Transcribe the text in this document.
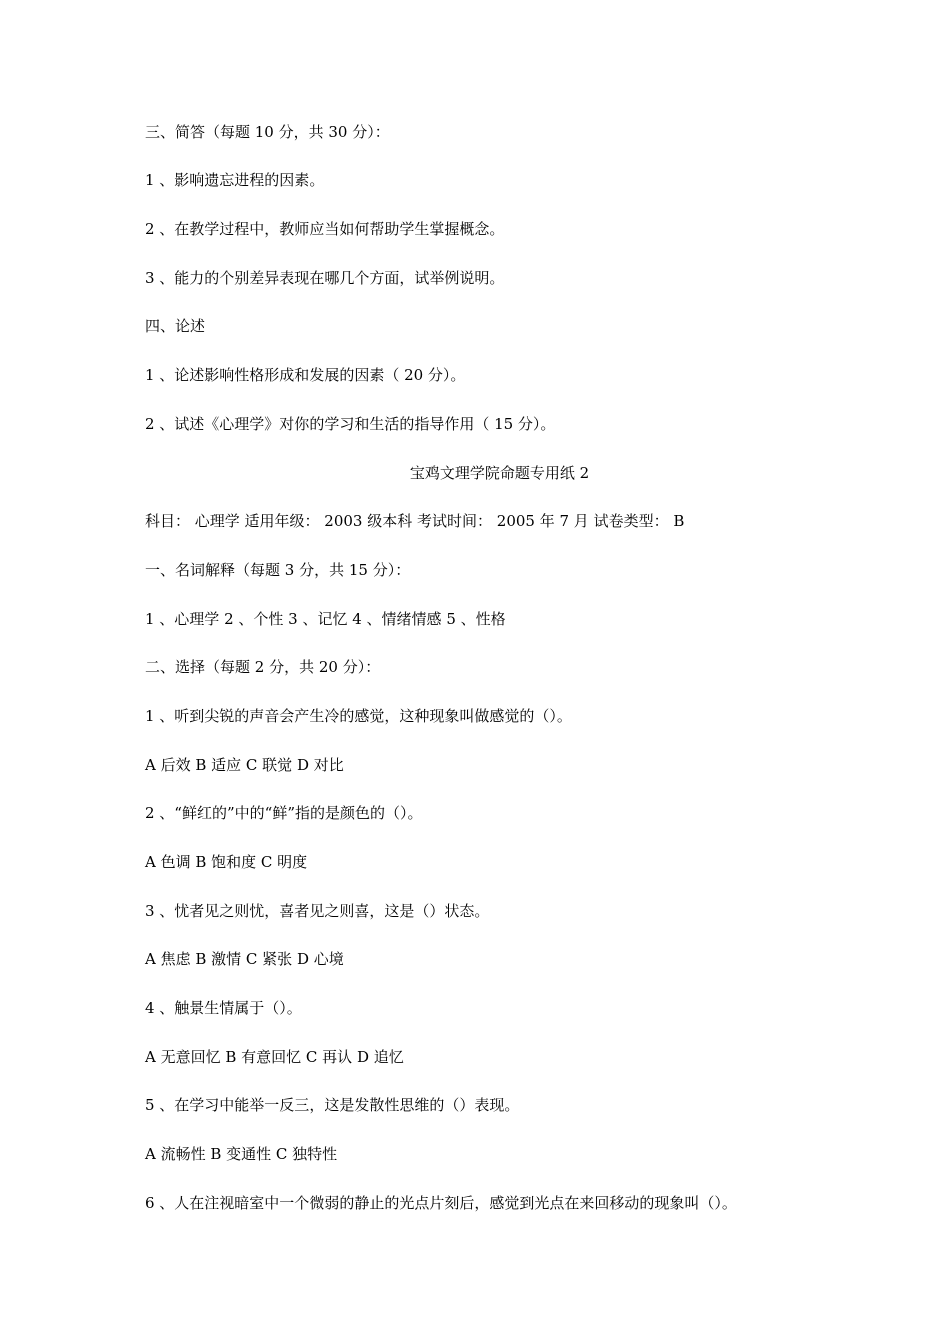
三、简答（每题 10 分，共 30 分）：
1 、影响遗忘进程的因素。
2 、在教学过程中，教师应当如何帮助学生掌握概念。
3 、能力的个别差异表现在哪几个方面，试举例说明。
四、论述
1 、论述影响性格形成和发展的因素（ 20 分）。
2 、试述《心理学》对你的学习和生活的指导作用（ 15 分）。
宝鸡文理学院命题专用纸 2
科目： 心理学 适用年级： 2003 级本科 考试时间： 2005 年 7 月 试卷类型： B
一、名词解释（每题 3 分，共 15 分）：
1 、心理学 2 、个性 3 、记忆 4 、情绪情感 5 、性格
二、选择（每题 2 分，共 20 分）：
1 、听到尖锐的声音会产生冷的感觉，这种现象叫做感觉的（）。
A 后效 B 适应 C 联觉 D 对比
2 、“鲜红的”中的“鲜”指的是颜色的（）。
A 色调 B 饱和度 C 明度
3 、忧者见之则忧，喜者见之则喜，这是（）状态。
A 焦虑 B 激情 C 紧张 D 心境
4 、触景生情属于（）。
A 无意回忆 B 有意回忆 C 再认 D 追忆
5 、在学习中能举一反三，这是发散性思维的（）表现。
A 流畅性 B 变通性 C 独特性
6 、人在注视暗室中一个微弱的静止的光点片刻后，感觉到光点在来回移动的现象叫（）。
